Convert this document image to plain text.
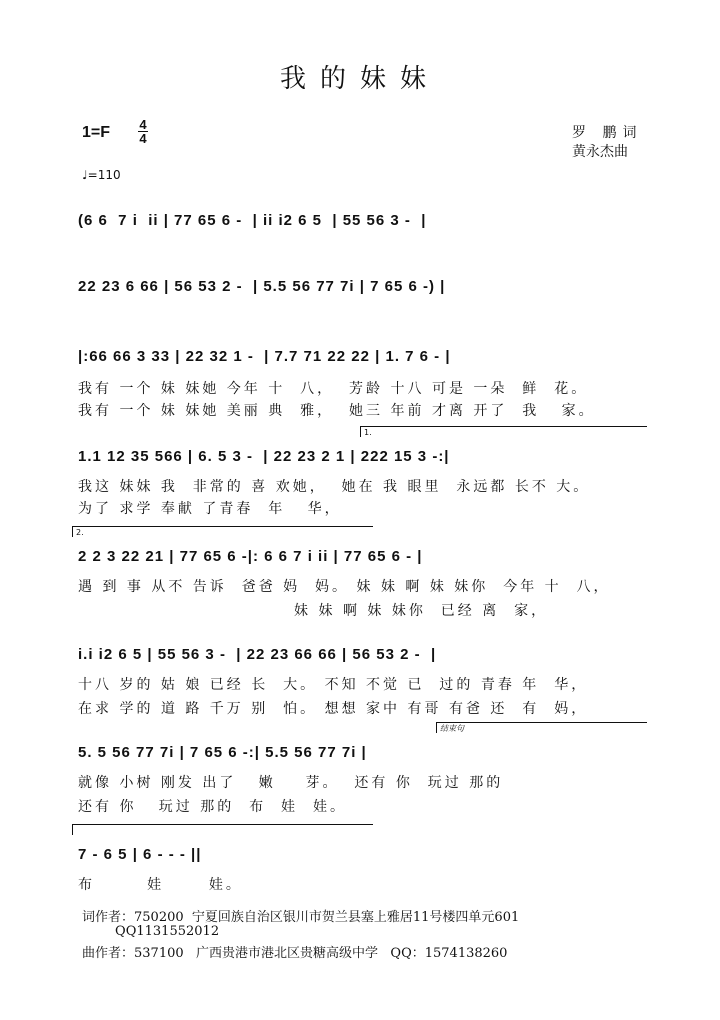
我的妹妹
1=F 4
4
♩=110
罗 鹏词
黄永杰曲
(6 6  7 i  ii | 77 65 6 -  | ii i2 6 5  | 55 56 3 -  |
22 23 6 66 | 56 53 2 -  | 5.5 56 77 7i | 7 65 6 -) |
|:66 66 3 33 | 22 32 1 -  | 7.7 71 22 22 | 1. 7 6 - |
我有 一个 妹 妹她 今年 十  八，  芳龄 十八 可是 一朵  鲜  花。
我有 一个 妹 妹她 美丽 典  雅，  她三 年前 才离 开了  我   家。
1.
1.1 12 35 566 | 6. 5 3 -  | 22 23 2 1 | 222 15 3 -:|
我这 妹妹 我  非常的 喜 欢她，  她在 我 眼里  永远都 长不 大。
为了 求学 奉献 了青春  年   华，
2.
2 2 3 22 21 | 77 65 6 -|: 6 6 7 i ii | 77 65 6 - |
遇 到 事 从不 告诉  爸爸 妈  妈。 妹 妹 啊 妹 妹你  今年 十  八，
妹 妹 啊 妹 妹你  已经 离  家，
i.i i2 6 5 | 55 56 3 -  | 22 23 66 66 | 56 53 2 -  |
十八 岁的 姑 娘 已经 长  大。 不知 不觉 已  过的 青春 年  华，
在求 学的 道 路 千万 别  怕。 想想 家中 有哥 有爸 还  有  妈，
结束句
5. 5 56 77 7i | 7 65 6 -:| 5.5 56 77 7i |
就像 小树 刚发 出了   嫩    芽。  还有 你  玩过 那的
还有 你   玩过 那的  布  娃  娃。
7 - 6 5 | 6 - - - ||
布       娃      娃。
词作者：750200  宁夏回族自治区银川市贺兰县塞上雅居11号楼四单元601
QQ1131552012
曲作者：537100   广西贵港市港北区贵糖高级中学   QQ：1574138260
